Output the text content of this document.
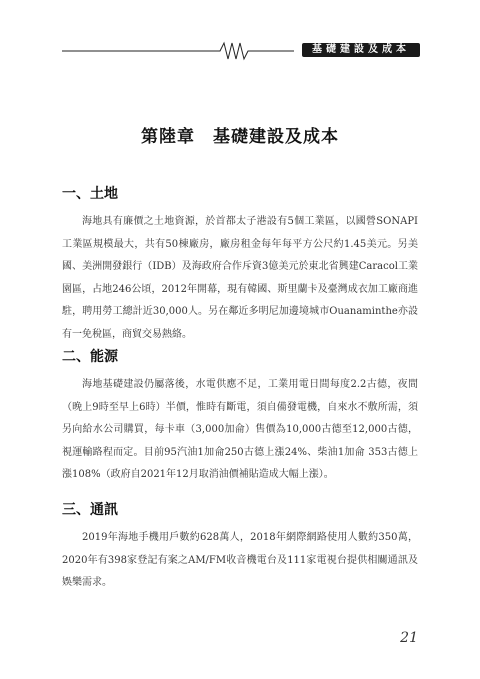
基礎建設及成本
第陸章　基礎建設及成本
一、土地
海地具有廉價之土地資源，於首都太子港設有5個工業區，以國營SONAPI工業區規模最大，共有50棟廠房，廠房租金每年每平方公尺約1.45美元。另美國、美洲開發銀行（IDB）及海政府合作斥資3億美元於東北省興建Caracol工業園區，占地246公頃，2012年開幕，現有韓國、斯里蘭卡及臺灣成衣加工廠商進駐，聘用勞工總計近30,000人。另在鄰近多明尼加邊境城市Ouanaminthe亦設有一免稅區，商貿交易熱絡。
二、能源
海地基礎建設仍屬落後，水電供應不足，工業用電日間每度2.2古德，夜間（晚上9時至早上6時）半價，惟時有斷電，須自備發電機，自來水不敷所需，須另向給水公司購買，每卡車（3,000加侖）售價為10,000古德至12,000古德，視運輸路程而定。目前95汽油1加侖250古德上漲24%、柴油1加侖 353古德上漲108%（政府自2021年12月取消油價補貼造成大幅上漲）。
三、通訊
2019年海地手機用戶數約628萬人，2018年網際網路使用人數約350萬，2020年有398家登記有案之AM/FM收音機電台及111家電視台提供相關通訊及娛樂需求。
21
